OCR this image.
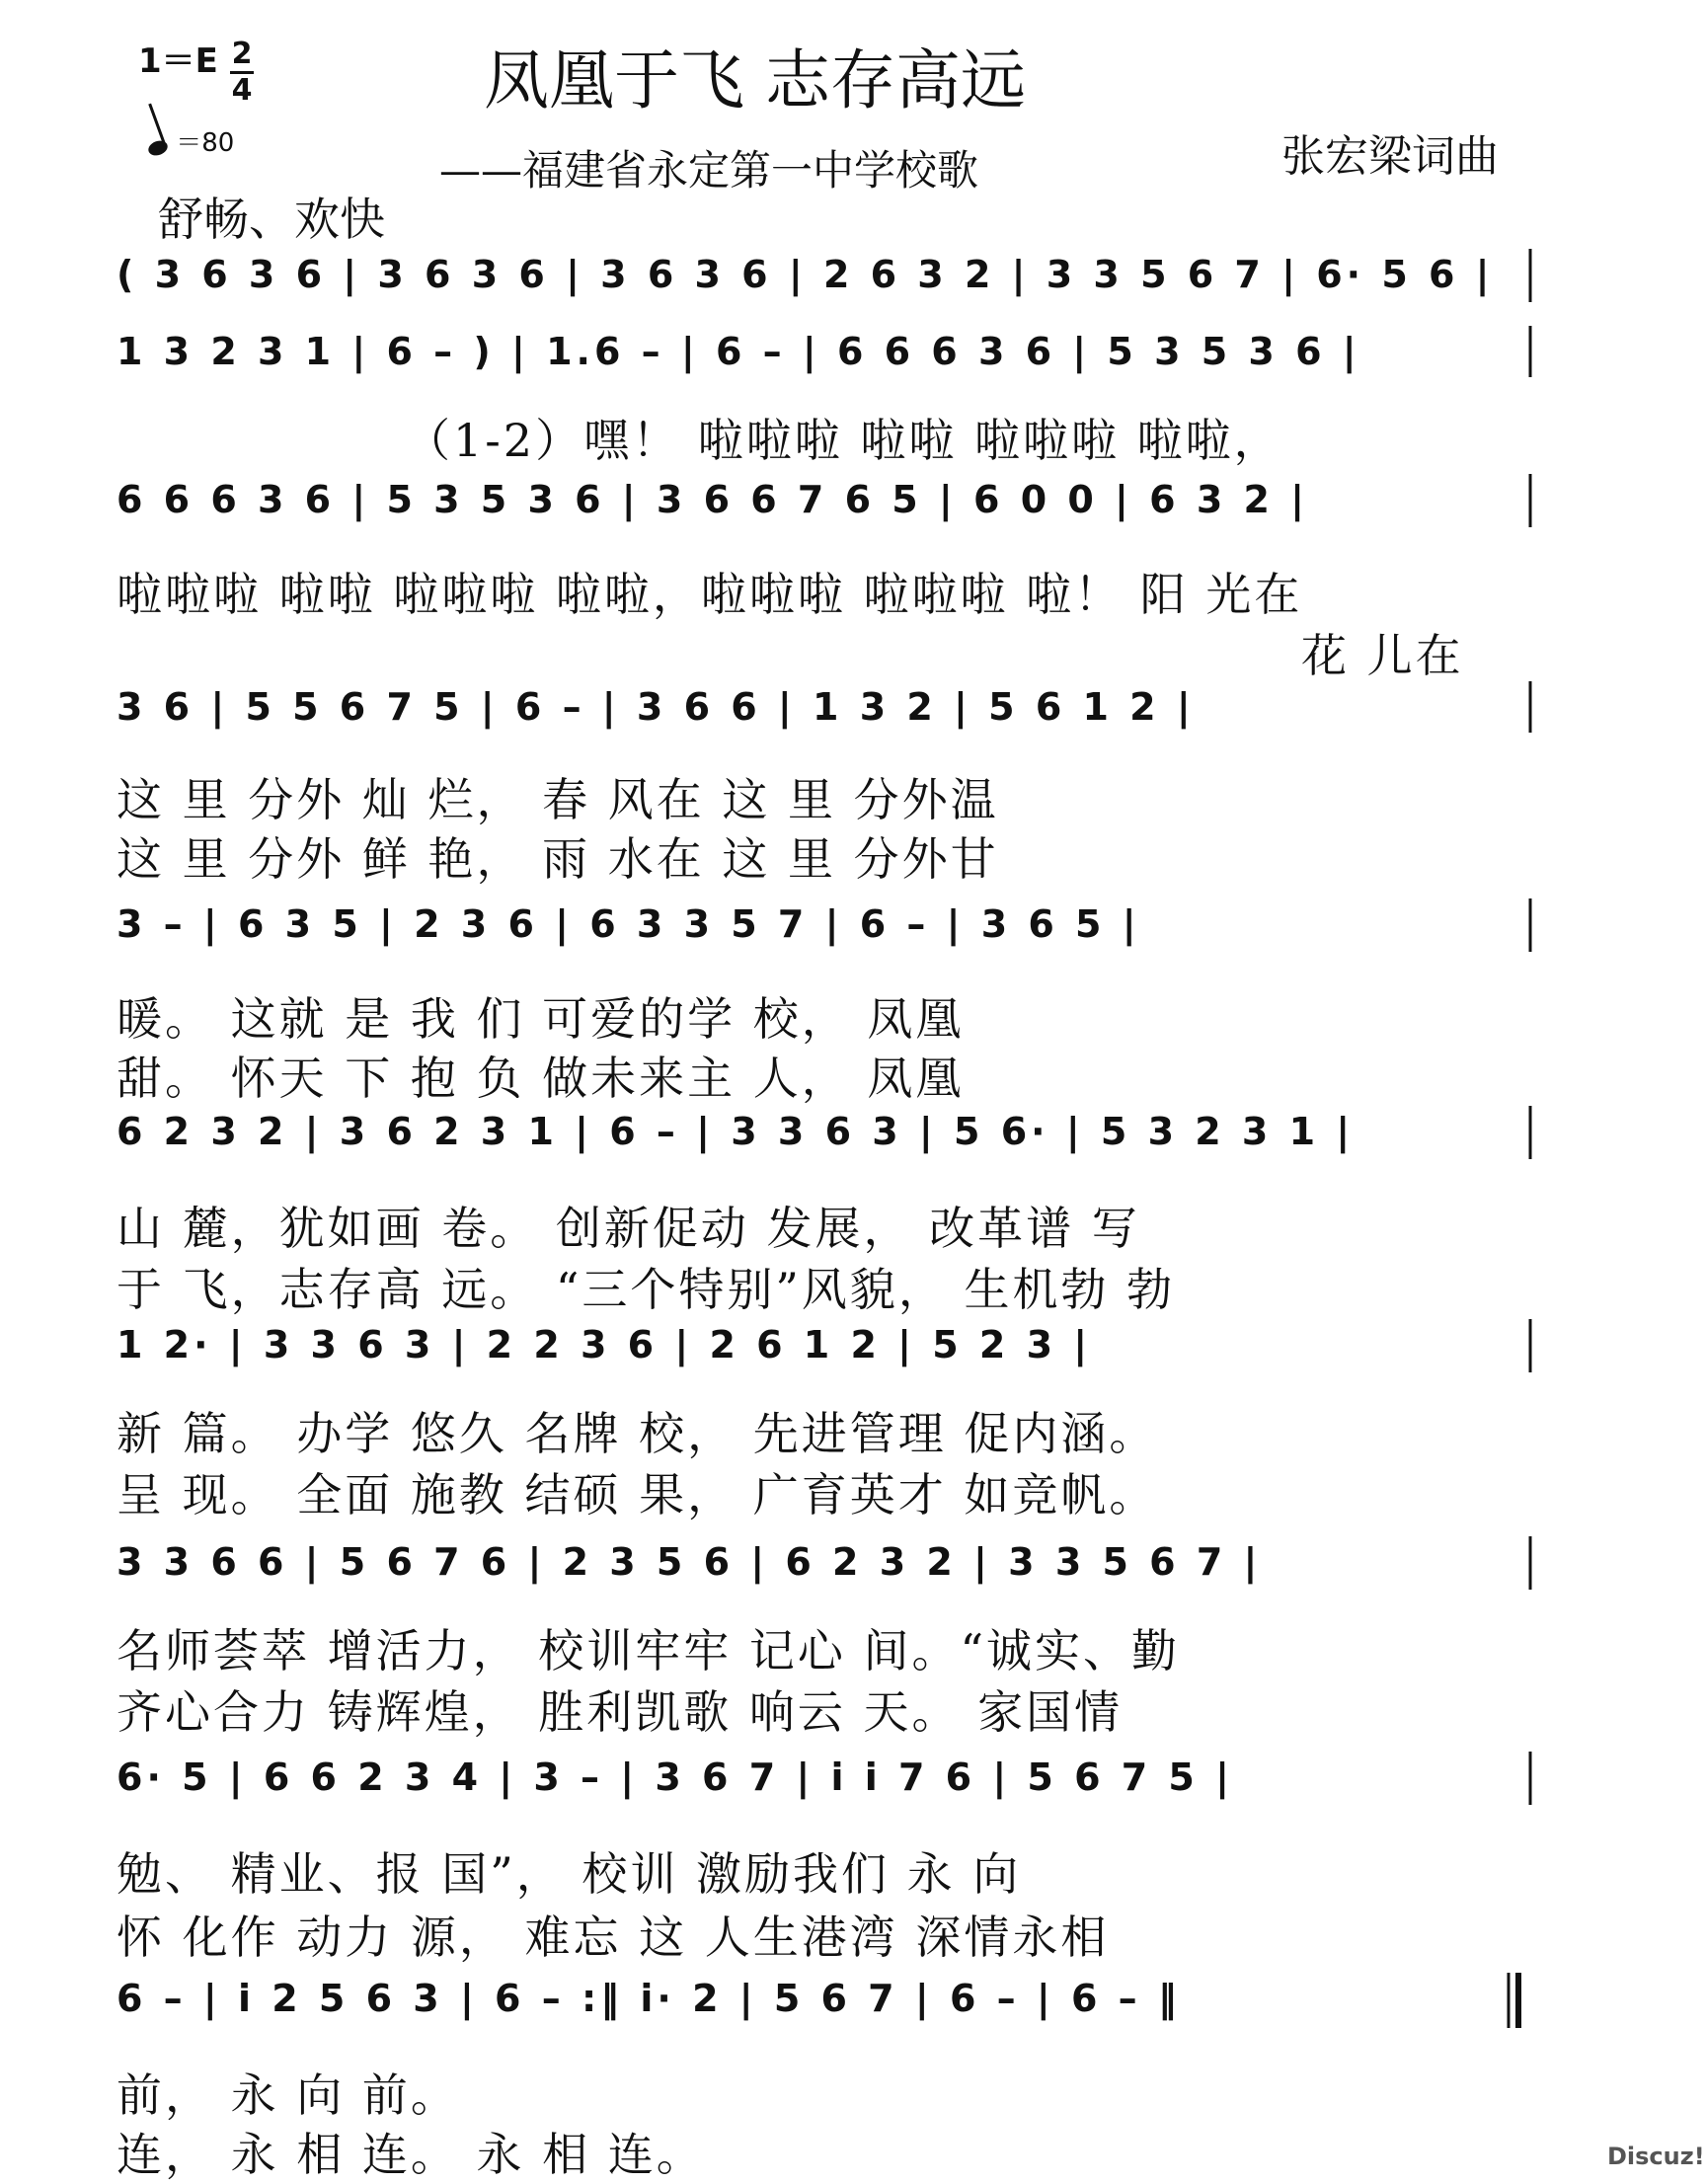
1＝E 2
4
＝80
凤凰于飞 志存高远
——福建省永定第一中学校歌	张宏梁词曲
舒畅、欢快
( 3 6 3 6 | 3 6 3 6 | 3 6 3 6 | 2 6 3 2 | 3 3 5 6 7 | 6· 5 6 |
1 3 2 3 1 | 6 – ) | 1.6 – | 6 – | 6 6 6 3 6 | 5 3 5 3 6 |
（1-2）嘿！ 啦啦啦 啦啦 啦啦啦 啦啦，
6 6 6 3 6 | 5 3 5 3 6 | 3 6 6 7 6 5 | 6 0 0 | 6 3 2 |
啦啦啦 啦啦 啦啦啦 啦啦，啦啦啦 啦啦啦 啦！ 阳 光在
花 儿在
3 6 | 5 5 6 7 5 | 6 – | 3 6 6 | 1 3 2 | 5 6 1 2 |
这 里 分外 灿 烂， 春 风在 这 里 分外温
这 里 分外 鲜 艳， 雨 水在 这 里 分外甘
3 – | 6 3 5 | 2 3 6 | 6 3 3 5 7 | 6 – | 3 6 5 |
暖。 这就 是 我 们 可爱的学 校， 凤凰
甜。 怀天 下 抱 负 做未来主 人， 凤凰
6 2 3 2 | 3 6 2 3 1 | 6 – | 3 3 6 3 | 5 6· | 5 3 2 3 1 |
山 麓，犹如画 卷。 创新促动 发展， 改革谱 写
于 飞，志存高 远。 “三个特别”风貌， 生机勃 勃
1 2· | 3 3 6 3 | 2 2 3 6 | 2 6 1 2 | 5 2 3 |
新 篇。 办学 悠久 名牌 校， 先进管理 促内涵。
呈 现。 全面 施教 结硕 果， 广育英才 如竞帆。
3 3 6 6 | 5 6 7 6 | 2 3 5 6 | 6 2 3 2 | 3 3 5 6 7 |
名师荟萃 增活力， 校训牢牢 记心 间。“诚实、勤
齐心合力 铸辉煌， 胜利凯歌 响云 天。 家国情
6· 5 | 6 6 2 3 4 | 3 – | 3 6 7 | i i 7 6 | 5 6 7 5 |
勉、 精业、报 国”， 校训 激励我们 永 向
怀 化作 动力 源， 难忘 这 人生港湾 深情永相
6 – | i 2 5 6 3 | 6 – :‖ i· 2 | 5 6 7 | 6 – | 6 – ‖
前， 永 向 前。
连， 永 相 连。 永 相 连。	Discuz!
